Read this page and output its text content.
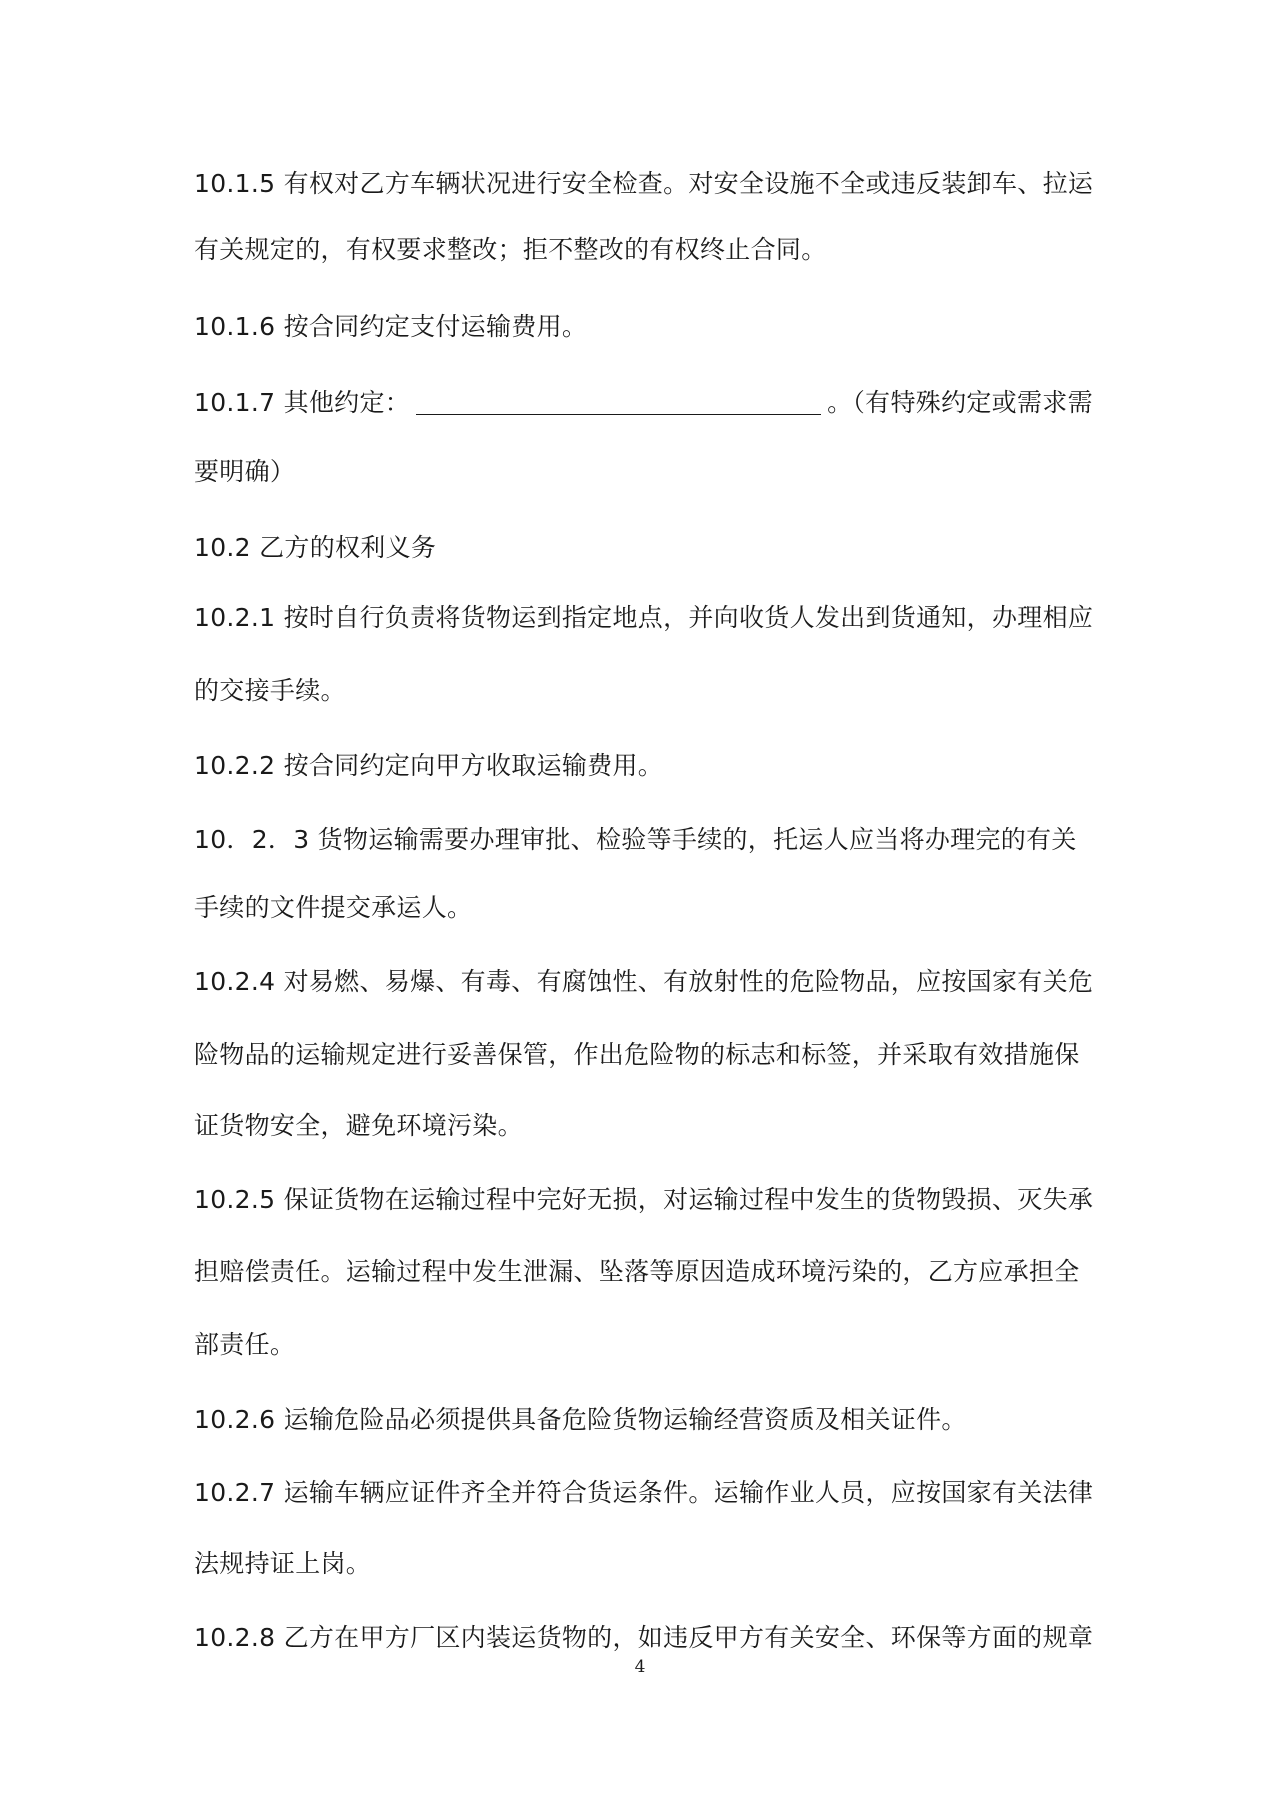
10.1.5 有权对乙方车辆状况进行安全检查。对安全设施不全或违反装卸车、拉运
有关规定的，有权要求整改；拒不整改的有权终止合同。
10.1.6 按合同约定支付运输费用。
10.1.7 其他约定：	。（有特殊约定或需求需
要明确）
10.2 乙方的权利义务
10.2.1 按时自行负责将货物运到指定地点，并向收货人发出到货通知，办理相应
的交接手续。
10.2.2 按合同约定向甲方收取运输费用。
10．2．3 货物运输需要办理审批、检验等手续的，托运人应当将办理完的有关
手续的文件提交承运人。
10.2.4 对易燃、易爆、有毒、有腐蚀性、有放射性的危险物品，应按国家有关危
险物品的运输规定进行妥善保管，作出危险物的标志和标签，并采取有效措施保
证货物安全，避免环境污染。
10.2.5 保证货物在运输过程中完好无损，对运输过程中发生的货物毁损、灭失承
担赔偿责任。运输过程中发生泄漏、坠落等原因造成环境污染的，乙方应承担全
部责任。
10.2.6 运输危险品必须提供具备危险货物运输经营资质及相关证件。
10.2.7 运输车辆应证件齐全并符合货运条件。运输作业人员，应按国家有关法律
法规持证上岗。
10.2.8 乙方在甲方厂区内装运货物的，如违反甲方有关安全、环保等方面的规章
4
